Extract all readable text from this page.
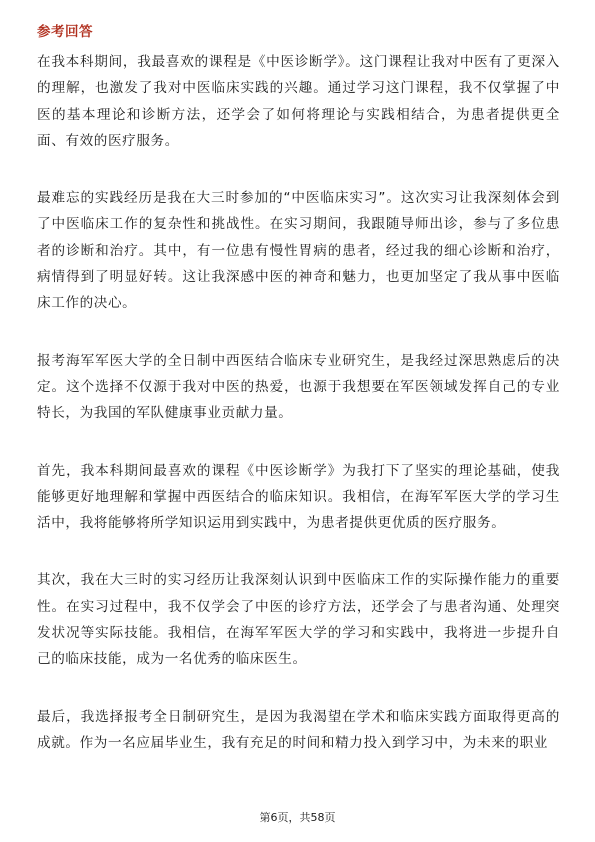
参考回答

在我本科期间，我最喜欢的课程是《中医诊断学》。这门课程让我对中医有了更深入的理解，也激发了我对中医临床实践的兴趣。通过学习这门课程，我不仅掌握了中医的基本理论和诊断方法，还学会了如何将理论与实践相结合，为患者提供更全面、有效的医疗服务。

最难忘的实践经历是我在大三时参加的“中医临床实习”。这次实习让我深刻体会到了中医临床工作的复杂性和挑战性。在实习期间，我跟随导师出诊，参与了多位患者的诊断和治疗。其中，有一位患有慢性胃病的患者，经过我的细心诊断和治疗，病情得到了明显好转。这让我深感中医的神奇和魅力，也更加坚定了我从事中医临床工作的决心。

报考海军军医大学的全日制中西医结合临床专业研究生，是我经过深思熟虑后的决定。这个选择不仅源于我对中医的热爱，也源于我想要在军医领域发挥自己的专业特长，为我国的军队健康事业贡献力量。

首先，我本科期间最喜欢的课程《中医诊断学》为我打下了坚实的理论基础，使我能够更好地理解和掌握中西医结合的临床知识。我相信，在海军军医大学的学习生活中，我将能够将所学知识运用到实践中，为患者提供更优质的医疗服务。

其次，我在大三时的实习经历让我深刻认识到中医临床工作的实际操作能力的重要性。在实习过程中，我不仅学会了中医的诊疗方法，还学会了与患者沟通、处理突发状况等实际技能。我相信，在海军军医大学的学习和实践中，我将进一步提升自己的临床技能，成为一名优秀的临床医生。

最后，我选择报考全日制研究生，是因为我渴望在学术和临床实践方面取得更高的成就。作为一名应届毕业生，我有充足的时间和精力投入到学习中，为未来的职业

第6页，共58页
